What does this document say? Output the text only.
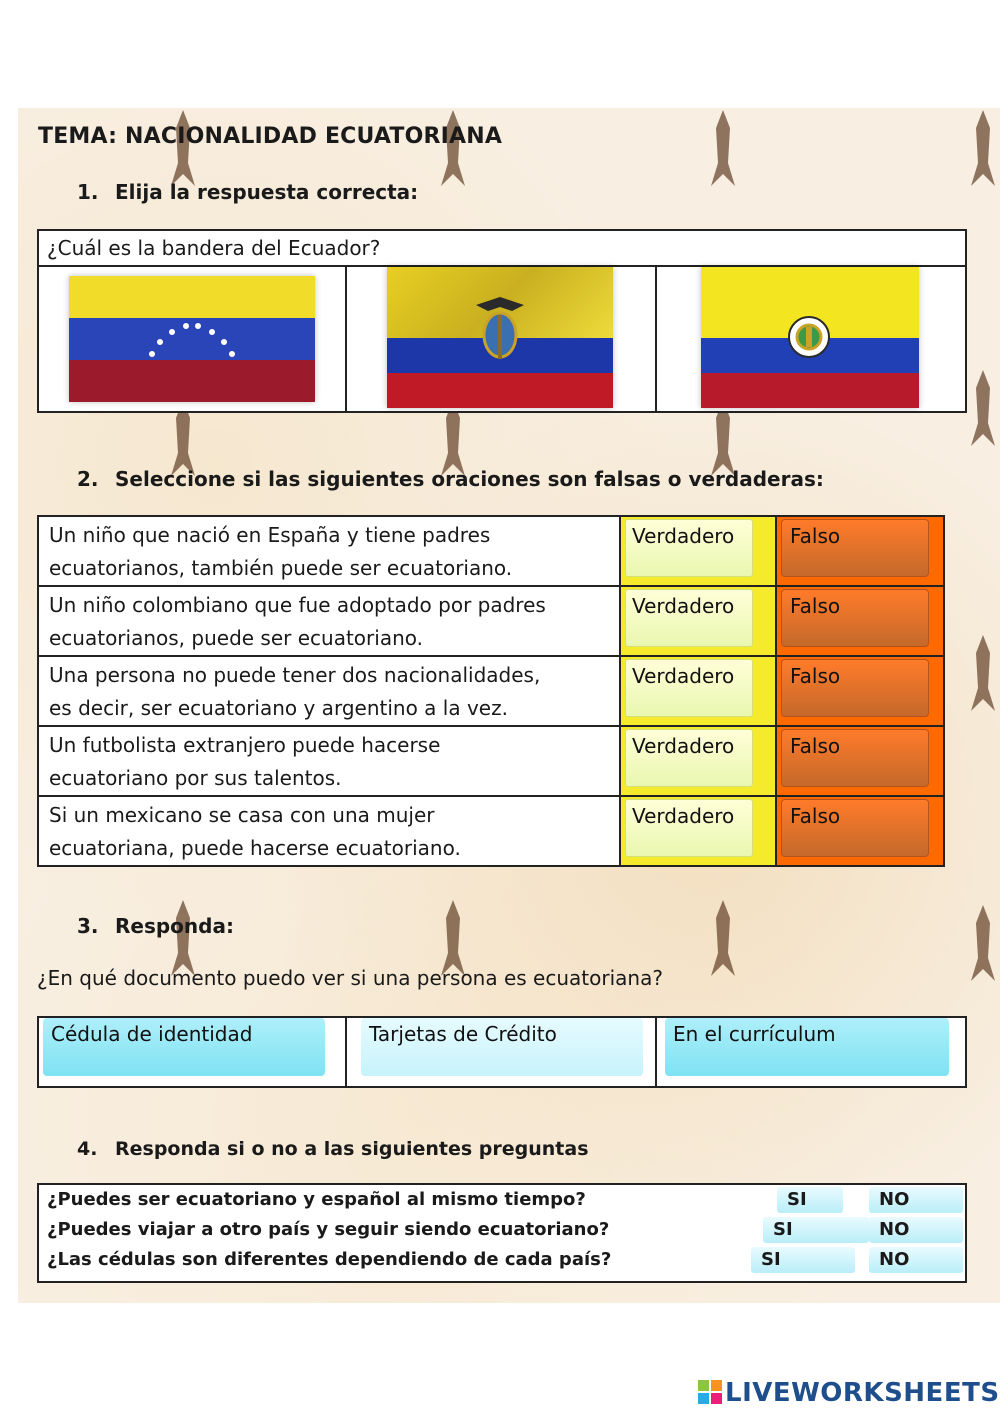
TEMA: NACIONALIDAD ECUATORIANA
1. Elija la respuesta correcta:
¿Cuál es la bandera del Ecuador?
2. Seleccione si las siguientes oraciones son falsas o verdaderas:
Un niño que nació en España y tiene padres
ecuatorianos, también puede ser ecuatoriano.	Verdadero	Falso

Un niño colombiano que fue adoptado por padres
ecuatorianos, puede ser ecuatoriano.	Verdadero	Falso

Una persona no puede tener dos nacionalidades,
es decir, ser ecuatoriano y argentino a la vez.	Verdadero	Falso

Un futbolista extranjero puede hacerse
ecuatoriano por sus talentos.	Verdadero	Falso

Si un mexicano se casa con una mujer
ecuatoriana, puede hacerse ecuatoriano.	Verdadero	Falso
3. Responda:
¿En qué documento puedo ver si una persona es ecuatoriana?
Cédula de identidad	Tarjetas de Crédito	En el currículum
4. Responda si o no a las siguientes preguntas
¿Puedes ser ecuatoriano y español al mismo tiempo?	SI	NO
¿Puedes viajar a otro país y seguir siendo ecuatoriano?	SI	NO
¿Las cédulas son diferentes dependiendo de cada país?	SI	NO
LIVEWORKSHEETS
